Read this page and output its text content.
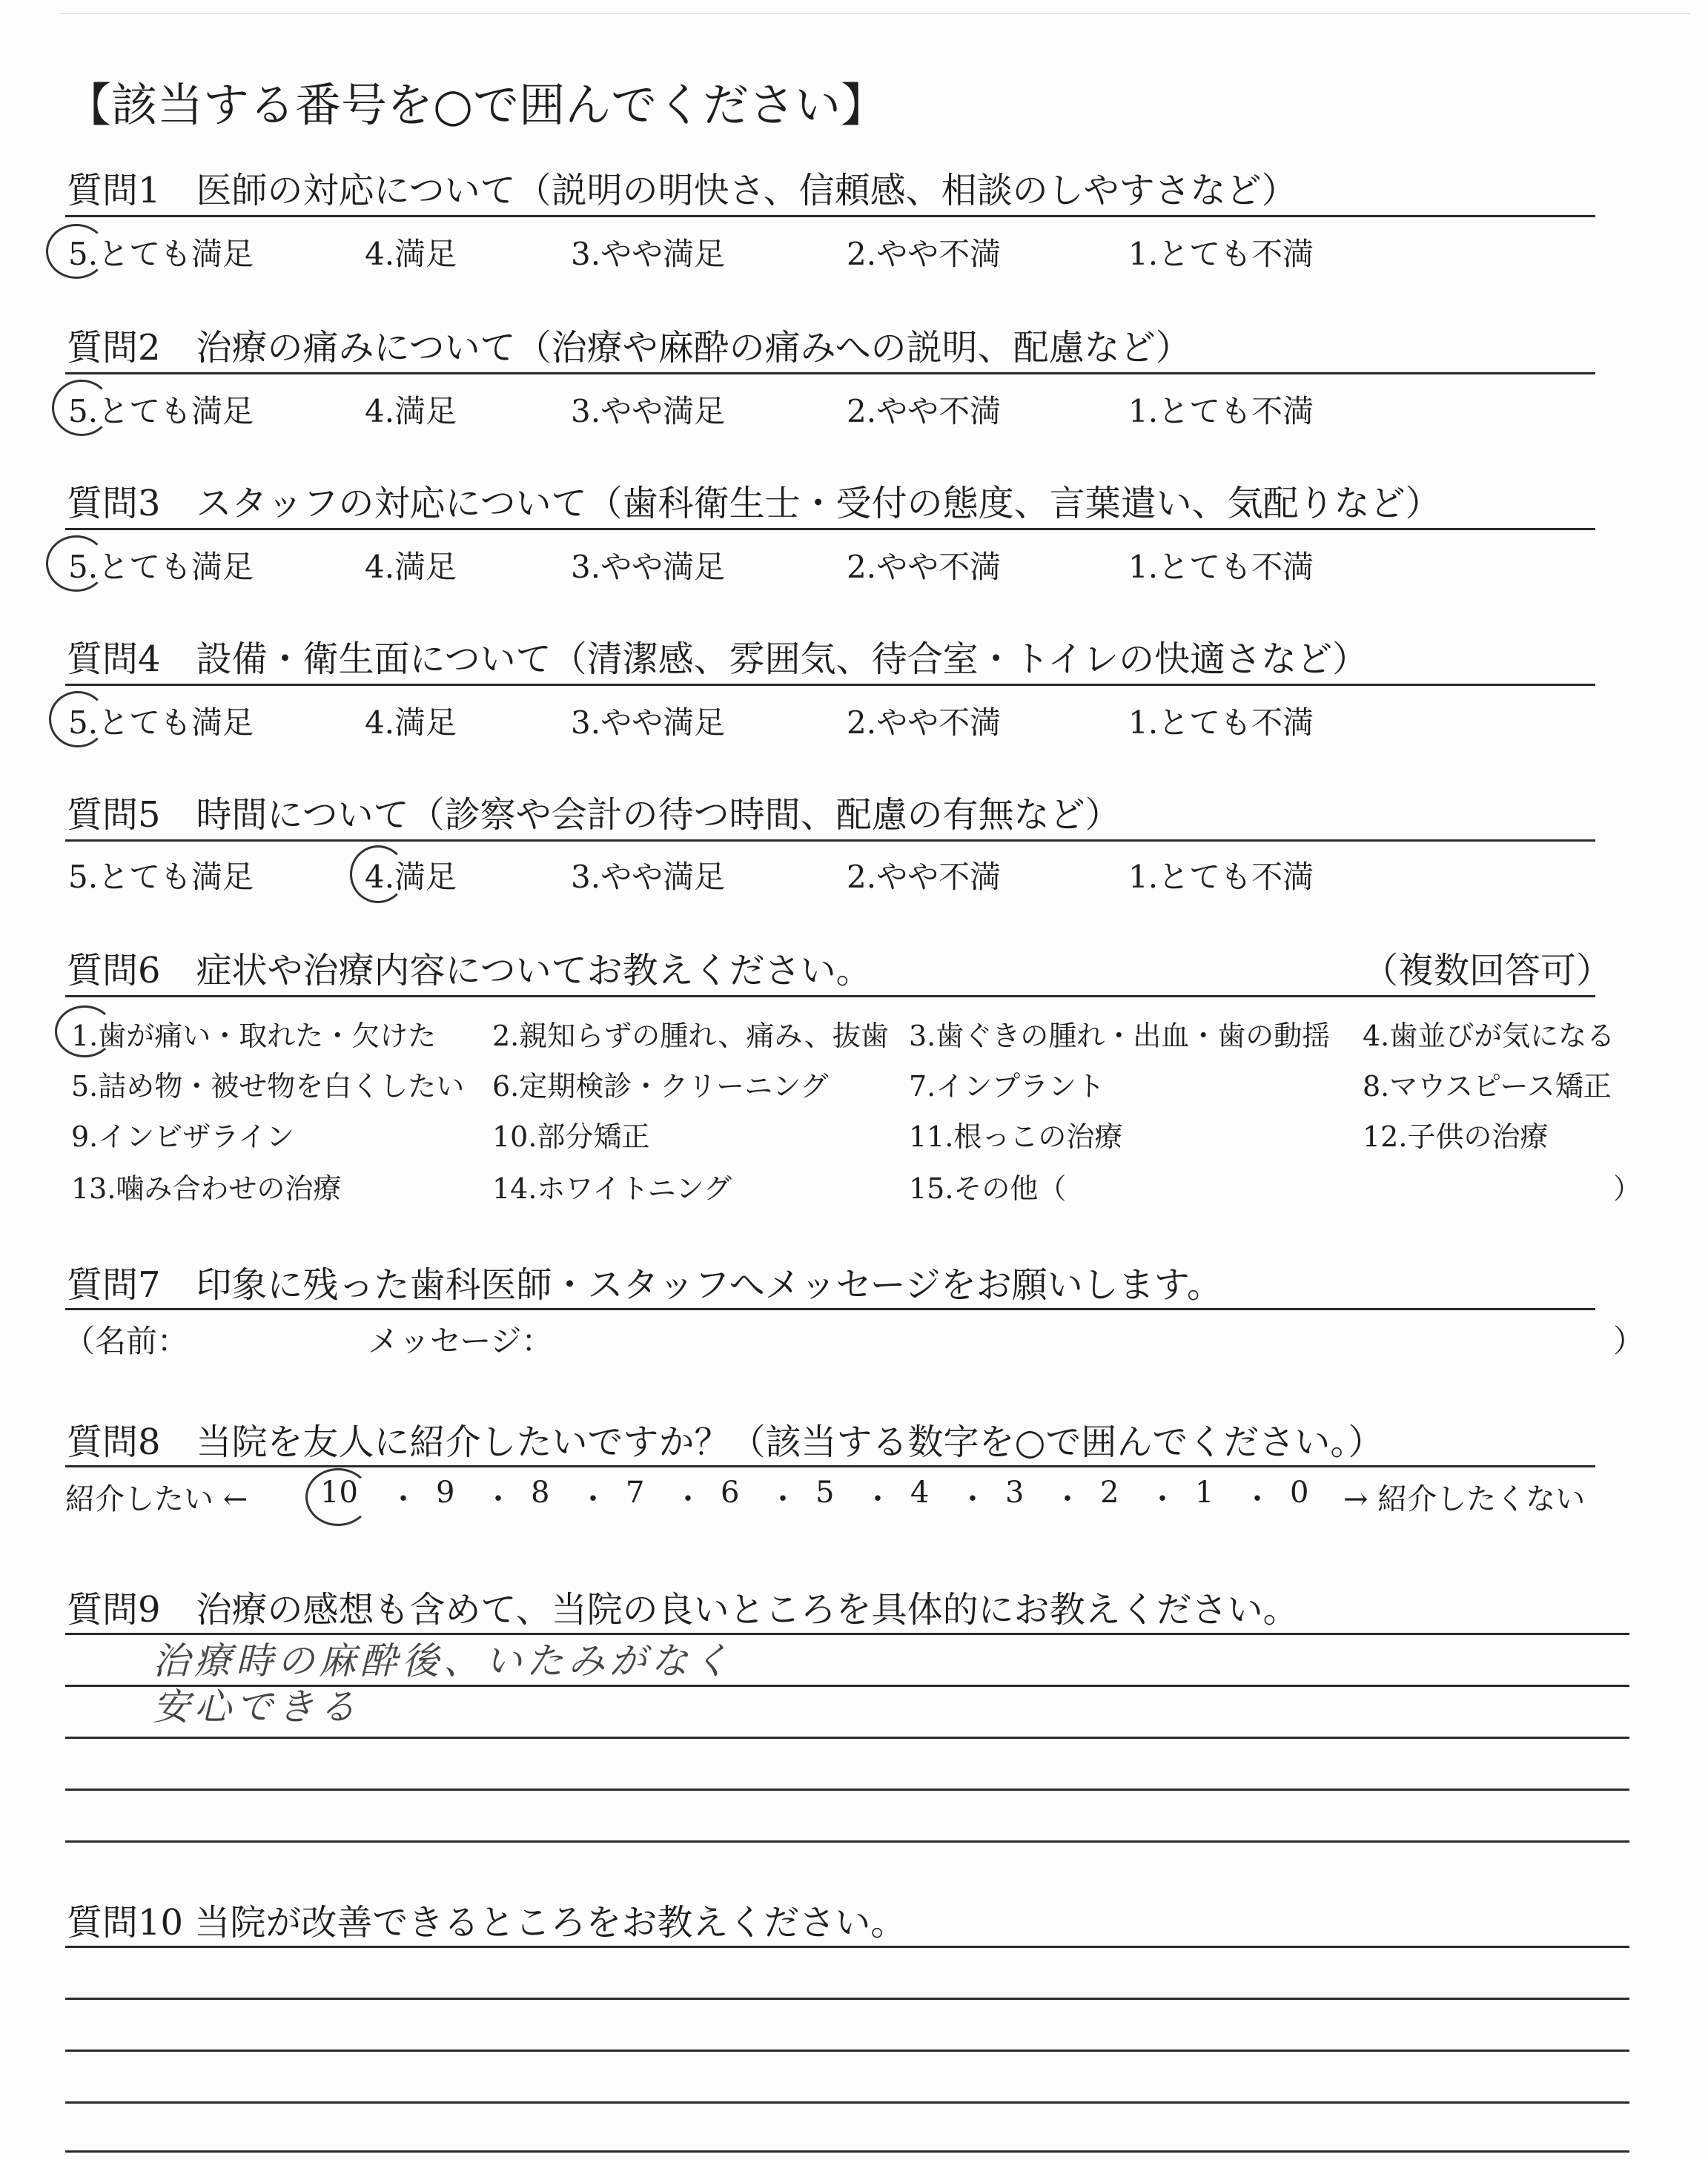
【該当する番号を○で囲んでください】
質問1　医師の対応について（説明の明快さ、信頼感、相談のしやすさなど）
5.とても満足	4.満足	3.やや満足	2.やや不満	1.とても不満
質問2　治療の痛みについて（治療や麻酔の痛みへの説明、配慮など）
5.とても満足	4.満足	3.やや満足	2.やや不満	1.とても不満
質問3　スタッフの対応について（歯科衛生士・受付の態度、言葉遣い、気配りなど）
5.とても満足	4.満足	3.やや満足	2.やや不満	1.とても不満
質問4　設備・衛生面について（清潔感、雰囲気、待合室・トイレの快適さなど）
5.とても満足	4.満足	3.やや満足	2.やや不満	1.とても不満
質問5　時間について（診察や会計の待つ時間、配慮の有無など）
5.とても満足	4.満足	3.やや満足	2.やや不満	1.とても不満
質問6　症状や治療内容についてお教えください。	（複数回答可）
1.歯が痛い・取れた・欠けた 2.親知らずの腫れ、痛み、抜歯 3.歯ぐきの腫れ・出血・歯の動揺 4.歯並びが気になる
5.詰め物・被せ物を白くしたい 6.定期検診・クリーニング	7.インプラント	8.マウスピース矯正
9.インビザライン	10.部分矯正	11.根っこの治療	12.子供の治療
13.噛み合わせの治療	14.ホワイトニング	15.その他（	）
質問7　印象に残った歯科医師・スタッフへメッセージをお願いします。
（名前：	メッセージ：	）
質問8　当院を友人に紹介したいですか？（該当する数字を○で囲んでください。）
紹介したい ← 10 ・ 9 ・ 8 ・ 7 ・ 6 ・ 5 ・ 4 ・ 3 ・ 2 ・ 1 ・ 0 → 紹介したくない
質問9　治療の感想も含めて、当院の良いところを具体的にお教えください。
治療時の麻酔後、いたみがなく
安心できる
質問10 当院が改善できるところをお教えください。
